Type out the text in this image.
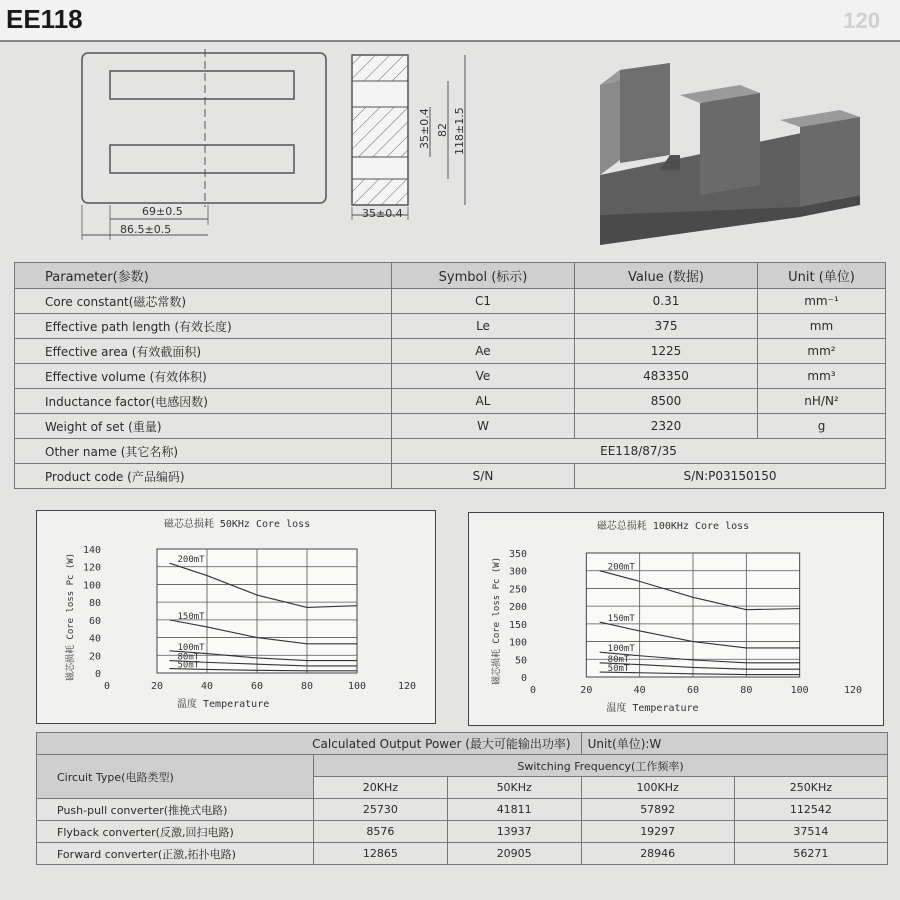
EE118	120
69±0.5
86.5±0.5
35±0.4
35±0.4 82 118±1.5
Parameter(参数)	Symbol (标示)	Value (数据)	Unit (单位)
Core constant(磁芯常数)	C1	0.31	mm⁻¹
Effective path length (有效长度)	Le	375	mm
Effective area (有效截面积)	Ae	1225	mm²
Effective volume (有效体积)	Ve	483350	mm³
Inductance factor(电感因数)	AL	8500	nH/N²
Weight of set (重量)	W	2320	g
Other name (其它名称)	EE118/87/35		
Product code (产品编码)	S/N	S/N:P03150150	
磁芯总损耗 50KHz Core loss
0	20	40	60	80	100	120
0
20
40
60
80
100
120
140
温度 Temperature
磁芯损耗 Core loss Pc (W)	200mT
150mT
100mT
80mT
50mT
磁芯总损耗 100KHz Core loss
0	20	40	60	80	100	120
0
50
100
150
200
250
300
350
温度 Temperature
磁芯损耗 Core loss Pc (W)	200mT
150mT
100mT
80mT
50mT
Calculated Output Power (最大可能输出功率)			Unit(单位):W	
Circuit Type(电路类型)	Switching Frequency(工作频率)			
	20KHz	50KHz	100KHz	250KHz
Push-pull converter(推挽式电路)	25730	41811	57892	112542
Flyback converter(反激,回扫电路)	8576	13937	19297	37514
Forward converter(正激,拓扑电路)	12865	20905	28946	56271
